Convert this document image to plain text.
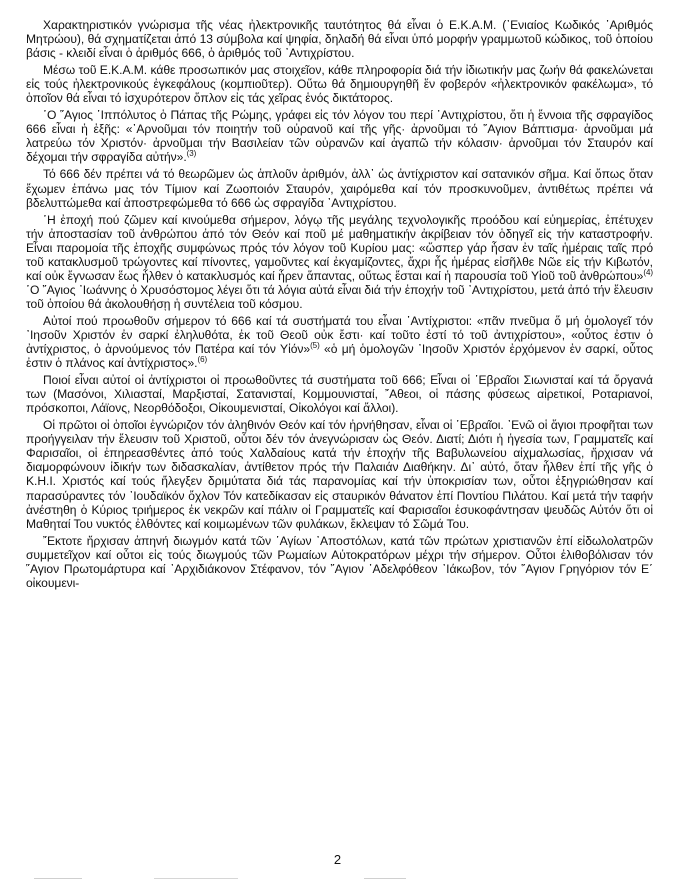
Χαρακτηριστικόν γνώρισμα τῆς νέας ἠλεκτρονικῆς ταυτότητος θά εἶναι ὁ Ε.Κ.Α.Μ. (᾿Ενιαίος Κωδικός ᾿Αριθμός Μητρώου), θά σχηματίζεται ἀπό 13 σύμβολα καί ψηφία, δηλαδή θά εἶναι ὑπό μορφήν γραμμωτοῦ κώδικος, τοῦ ὁποίου βάσις - κλειδί εἶναι ὁ ἀριθμός 666, ὁ ἀριθμός τοῦ ᾿Αντιχρίστου.

Μέσω τοῦ Ε.Κ.Α.Μ. κάθε προσωπικόν μας στοιχεῖον, κάθε πληροφορία διά τήν ἰδιωτικήν μας ζωήν θά φακελώνεται εἰς τούς ἠλεκτρονικούς ἐγκεφάλους (κομπιοῦτερ). Οὕτω θά δημιουργηθῆ ἕν φοβερόν «ἠλεκτρονικόν φακέλωμα», τό ὁποῖον θά εἶναι τό ἰσχυρότερον ὅπλον εἰς τάς χεῖρας ἑνός δικτάτορος.

῾Ο ῞Αγιος ῾Ιππόλυτος ὁ Πάπας τῆς Ρώμης, γράφει εἰς τόν λόγον του περί ᾿Αντιχρίστου, ὅτι ἡ ἔννοια τῆς σφραγίδος 666 εἶναι ἡ ἑξῆς: «᾿Αρνοῦμαι τόν ποιητήν τοῦ οὐρανοῦ καί τῆς γῆς· ἀρνοῦμαι τό ῞Αγιον Βάπτισμα· ἀρνοῦμαι μά λατρεύω τόν Χριστόν· ἀρνοῦμαι τήν Βασιλείαν τῶν οὐρανῶν καί ἀγαπῶ τήν κόλασιν· ἀρνοῦμαι τόν Σταυρόν καί δέχομαι τήν σφραγίδα αὐτήν».$^{(3)}$

Τό 666 δέν πρέπει νά τό θεωρῶμεν ὡς ἁπλοῦν ἀριθμόν, ἀλλ᾿ ὡς ἀντίχριστον καί σατανικόν σῆμα. Καί ὅπως ὅταν ἔχωμεν ἐπάνω μας τόν Τίμιον καί Ζωοποιόν Σταυρόν, χαιρόμεθα καί τόν προσκυνοῦμεν, ἀντιθέτως πρέπει νά βδελυττώμεθα καί ἀποστρεφώμεθα τό 666 ὡς σφραγίδα ᾿Αντιχρίστου.

῾Η ἐποχή πού ζῶμεν καί κινούμεθα σήμερον, λόγῳ τῆς μεγάλης τεχνολογικῆς προόδου καί εὐημερίας, ἐπέτυχεν τήν ἀποστασίαν τοῦ ἀνθρώπου ἀπό τόν Θεόν καί ποῦ μέ μαθηματικήν ἀκρίβειαν τόν ὁδηγεῖ εἰς τήν καταστροφήν. Εἶναι παρομοία τῆς ἐποχῆς συμφώνως πρός τόν λόγον τοῦ Κυρίου μας: «ὥσπερ γάρ ἦσαν ἐν ταῖς ἡμέραις ταῖς πρό τοῦ κατακλυσμοῦ τρώγοντες καί πίνοντες, γαμοῦντες καί ἐκγαμίζοντες, ἄχρι ἧς ἡμέρας εἰσῆλθε Νῶε εἰς τήν Κιβωτόν, καί οὐκ ἔγνωσαν ἕως ἦλθεν ὁ κατακλυσμός καί ἦρεν ἅπαντας, οὕτως ἔσται καί ἡ παρουσία τοῦ Υἱοῦ τοῦ ἀνθρώπου»$^{(4)}$ ῾Ο ῞Αγιος ᾿Ιωάννης ὁ Χρυσόστομος λέγει ὅτι τά λόγια αὐτά εἶναι διά τήν ἐποχήν τοῦ ᾿Αντιχρίστου, μετά ἀπό τήν ἔλευσιν τοῦ ὁποίου θά ἀκολουθήσῃ ἡ συντέλεια τοῦ κόσμου.

Αὐτοί πού προωθοῦν σήμερον τό 666 καί τά συστήματά του εἶναι ᾿Αντίχριστοι: «πᾶν πνεῦμα ὅ μή ὁμολογεῖ τόν ᾿Ιησοῦν Χριστόν ἐν σαρκί ἐληλυθότα, ἐκ τοῦ Θεοῦ οὐκ ἔστι· καί τοῦτο ἐστί τό τοῦ ἀντιχρίστου», «οὗτος ἐστιν ὁ ἀντίχριστος, ὁ ἀρνούμενος τόν Πατέρα καί τόν Υἱόν»$^{(5)}$ «ὁ μή ὁμολογῶν ᾿Ιησοῦν Χριστόν ἐρχόμενον ἐν σαρκί, οὗτος ἐστιν ὁ πλάνος καί ἀντίχριστος».$^{(6)}$

Ποιοί εἶναι αὐτοί οἱ ἀντίχριστοι οἱ προωθοῦντες τά συστήματα τοῦ 666; Εἶναι οἱ ῾Εβραῖοι Σιωνισταί καί τά ὄργανά των (Μασόνοι, Χιλιασταί, Μαρξισταί, Σατανισταί, Κομμουνισταί, ῎Αθεοι, οἱ πάσης φύσεως αἱρετικοί, Ροταριανοί, πρόσκοποι, Λάϊονς, Νεορθόδοξοι, Οἰκουμενισταί, Οἰκολόγοι καί ἄλλοι).

Οἱ πρῶτοι οἱ ὁποῖοι ἐγνώριζον τόν ἀληθινόν Θεόν καί τόν ἠρνήθησαν, εἶναι οἱ ῾Εβραῖοι. ᾿Ενῶ οἱ ἅγιοι προφῆται των προήγγειλαν τήν ἔλευσιν τοῦ Χριστοῦ, οὗτοι δέν τόν ἀνεγνώρισαν ὡς Θεόν. Διατί; Διότι ἡ ἡγεσία των, Γραμματεῖς καί Φαρισαῖοι, οἱ ἐπηρεασθέντες ἀπό τούς Χαλδαίους κατά τήν ἐποχήν τῆς Βαβυλωνείου αἰχμαλωσίας, ἤρχισαν νά διαμορφώνουν ἰδικήν των διδασκαλίαν, ἀντίθετον πρός τήν Παλαιάν Διαθήκην. Δι᾿ αὐτό, ὅταν ἦλθεν ἐπί τῆς γῆς ὁ Κ.Η.Ι. Χριστός καί τούς ἤλεγξεν δριμύτατα διά τάς παρανομίας καί τήν ὑποκρισίαν των, οὗτοι ἐξηγριώθησαν καί παρασύραντες τόν ᾿Ιουδαϊκόν ὄχλον Τόν κατεδίκασαν εἰς σταυρικόν θάνατον ἐπί Ποντίου Πιλάτου. Καί μετά τήν ταφήν ἀνέστηθη ὁ Κύριος τριήμερος ἐκ νεκρῶν καί πάλιν οἱ Γραμματεῖς καί Φαρισαῖοι ἐσυκοφάντησαν ψευδῶς Αὐτόν ὅτι οἱ Μαθηταί Του νυκτός ἐλθόντες καί κοιμωμένων τῶν φυλάκων, ἔκλεψαν τό Σῶμά Του.

῎Εκτοτε ἤρχισαν ἀπηνή διωγμόν κατά τῶν ῾Αγίων ᾿Αποστόλων, κατά τῶν πρώτων χριστιανῶν ἐπί εἰδωλολατρῶν συμμετεῖχον καί οὗτοι εἰς τούς διωγμούς τῶν Ρωμαίων Αὐτοκρατόρων μέχρι τήν σήμερον. Οὗτοι ἐλιθοβόλισαν τόν ῞Αγιον Πρωτομάρτυρα καί ᾿Αρχιδιάκονον Στέφανον, τόν ῞Αγιον ᾿Αδελφόθεον ᾿Ιάκωβον, τόν ῞Αγιον Γρηγόριον τόν Ε΄ οἰκουμενι-

2
